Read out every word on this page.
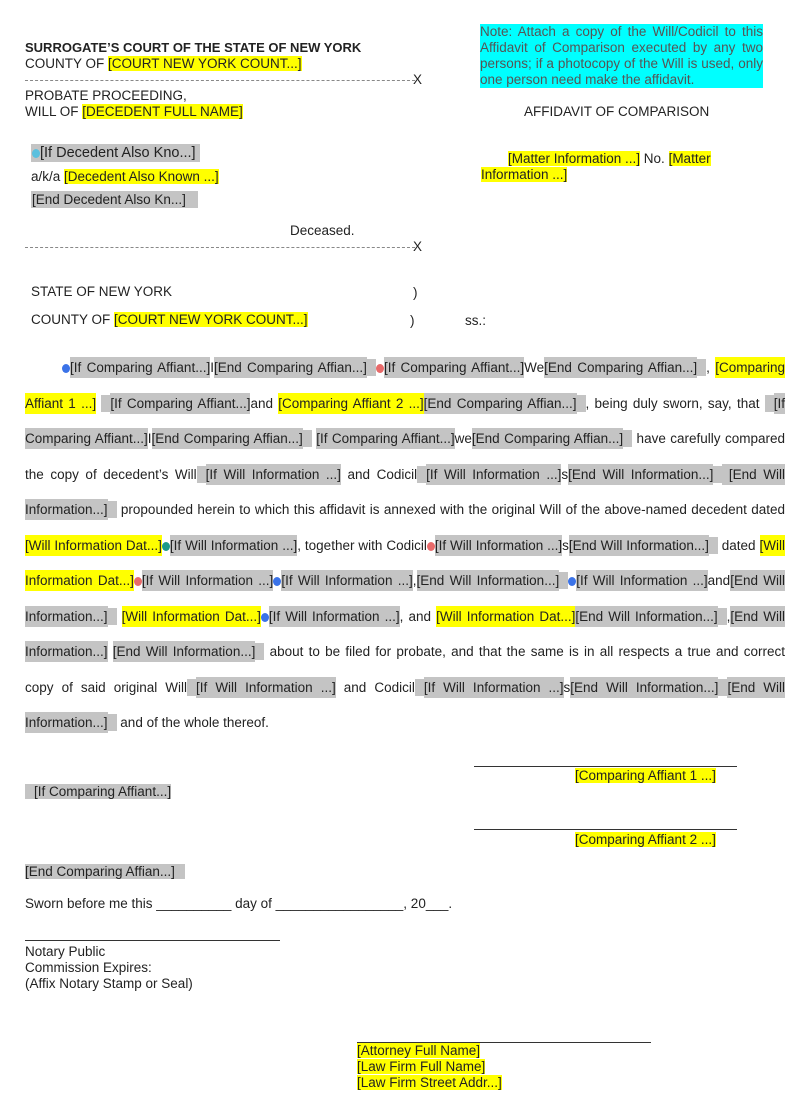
SURROGATE’S COURT OF THE STATE OF NEW YORK
COUNTY OF [COURT NEW YORK COUNT...]
X
PROBATE PROCEEDING,
WILL OF [DECEDENT FULL NAME]
[If Decedent Also Kno...]
a/k/a [Decedent Also Known ...]
[End Decedent Also Kn...]
Deceased.
X
Note: Attach a copy of the Will/Codicil to this Affidavit of Comparison executed by any two persons; if a photocopy of the Will is used, only one person need make the affidavit.
AFFIDAVIT OF COMPARISON
[Matter Information ...] No. [Matter Information ...]
STATE OF NEW YORK	)
COUNTY OF [COURT NEW YORK COUNT...]	)	ss.:
[If Comparing Affiant...]I[End Comparing Affian...] [If Comparing Affiant...]We[End Comparing Affian...] , [Comparing Affiant 1 ...] [If Comparing Affiant...]and [Comparing Affiant 2 ...][End Comparing Affian...] , being duly sworn, say, that [If Comparing Affiant...]I[End Comparing Affian...] [If Comparing Affiant...]we[End Comparing Affian...] have carefully compared the copy of decedent’s Will [If Will Information ...] and Codicil [If Will Information ...]s[End Will Information...] [End Will Information...] propounded herein to which this affidavit is annexed with the original Will of the above-named decedent dated [Will Information Dat...] [If Will Information ...], together with Codicil [If Will Information ...]s[End Will Information...] dated [Will Information Dat...] [If Will Information ...] [If Will Information ...],[End Will Information...] [If Will Information ...]and[End Will Information...] [Will Information Dat...] [If Will Information ...], and [Will Information Dat...][End Will Information...] ,[End Will Information...] [End Will Information...] about to be filed for probate, and that the same is in all respects a true and correct copy of said original Will [If Will Information ...] and Codicil [If Will Information ...]s[End Will Information...] [End Will Information...] and of the whole thereof.
[Comparing Affiant 1 ...]
[If Comparing Affiant...]
[Comparing Affiant 2 ...]
[End Comparing Affian...]
Sworn before me this __________ day of _________________, 20___.
Notary Public
Commission Expires:
(Affix Notary Stamp or Seal)
[Attorney Full Name]
[Law Firm Full Name]
[Law Firm Street Addr...]
